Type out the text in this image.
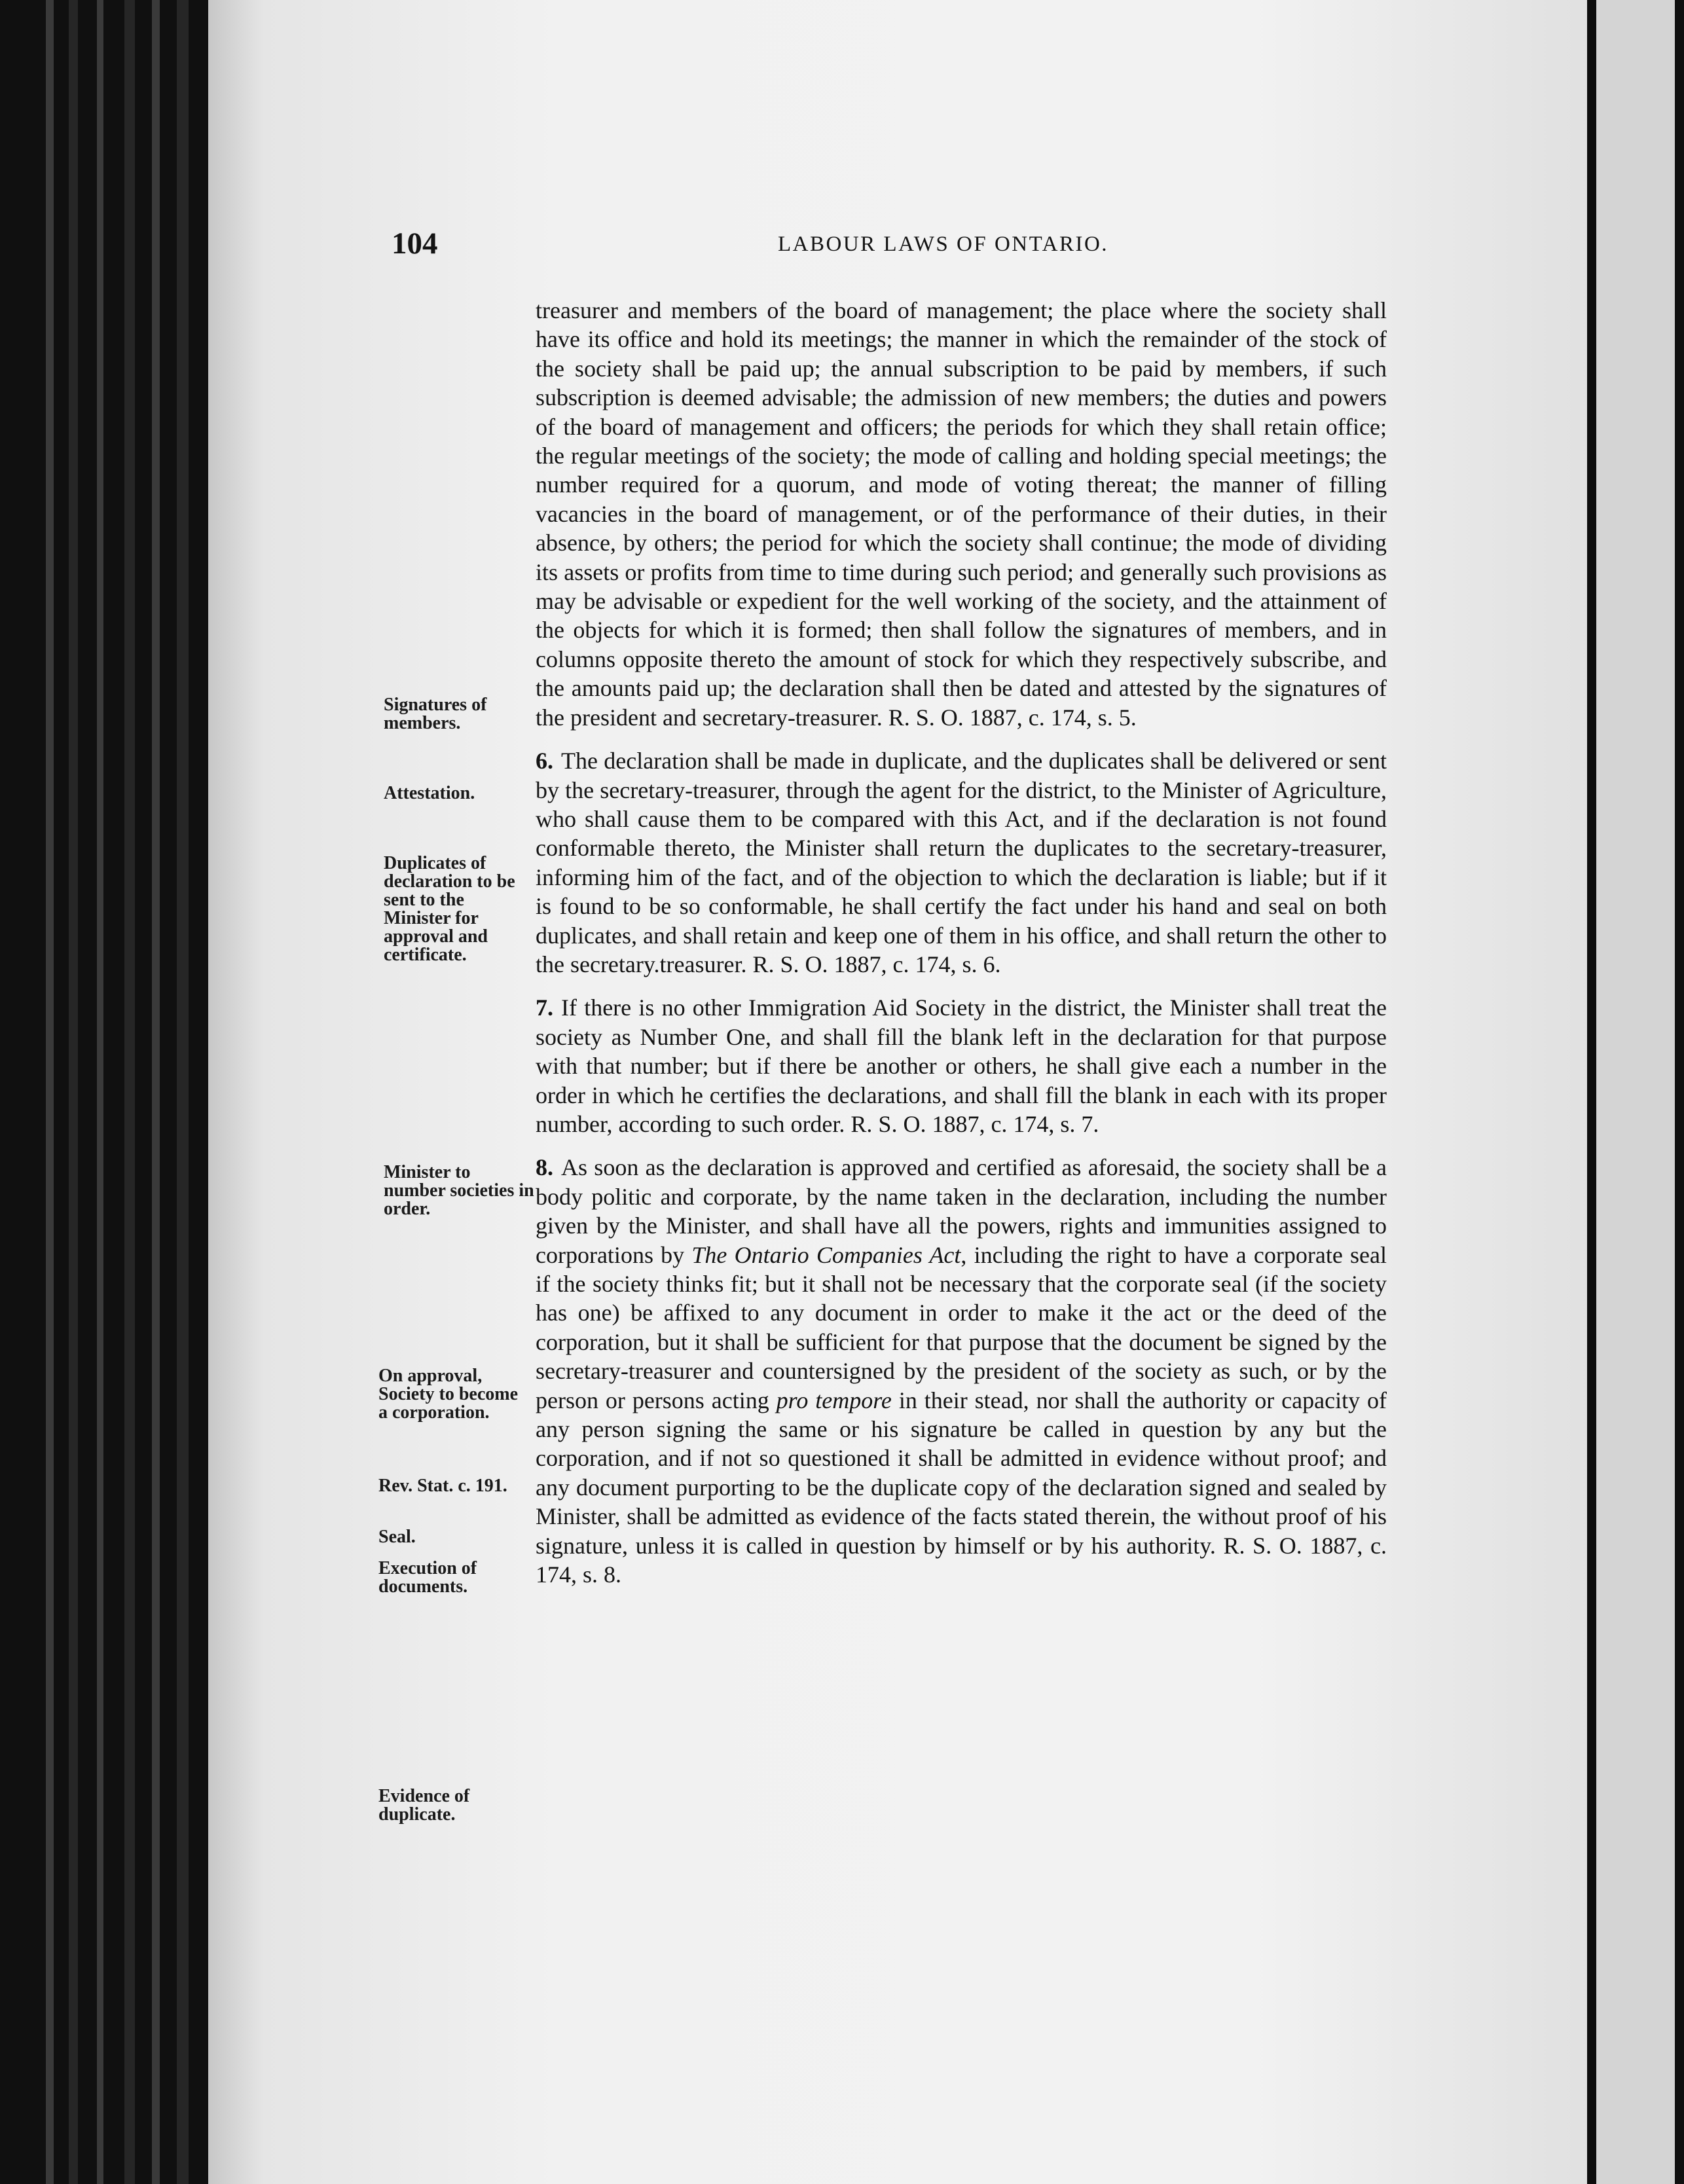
104	LABOUR LAWS OF ONTARIO.

treasurer and members of the board of management; the place where the society shall have its office and hold its meetings; the manner in which the remainder of the stock of the society shall be paid up; the annual subscription to be paid by members, if such subscription is deemed advisable; the admission of new members; the duties and powers of the board of management and officers; the periods for which they shall retain office; the regular meetings of the society; the mode of calling and holding special meetings; the number required for a quorum, and mode of voting thereat; the manner of filling vacancies in the board of management, or of the performance of their duties, in their absence, by others; the period for which the society shall continue; the mode of dividing its assets or profits from time to time during such period; and generally such provisions as may be advisable or expedient for the well working of the society, and the attainment of the objects for which it is formed; then shall follow the signatures of members, and in columns opposite thereto the amount of stock for which they respectively subscribe, and the amounts paid up; the declaration shall then be dated and attested by the signatures of the president and secretary-treasurer. R. S. O. 1887, c. 174, s. 5.

6. The declaration shall be made in duplicate, and the duplicates shall be delivered or sent by the secretary-treasurer, through the agent for the district, to the Minister of Agriculture, who shall cause them to be compared with this Act, and if the declaration is not found conformable thereto, the Minister shall return the duplicates to the secretary-treasurer, informing him of the fact, and of the objection to which the declaration is liable; but if it is found to be so conformable, he shall certify the fact under his hand and seal on both duplicates, and shall retain and keep one of them in his office, and shall return the other to the secretary.treasurer. R. S. O. 1887, c. 174, s. 6.

7. If there is no other Immigration Aid Society in the district, the Minister shall treat the society as Number One, and shall fill the blank left in the declaration for that purpose with that number; but if there be another or others, he shall give each a number in the order in which he certifies the declarations, and shall fill the blank in each with its proper number, according to such order. R. S. O. 1887, c. 174, s. 7.

8. As soon as the declaration is approved and certified as aforesaid, the society shall be a body politic and corporate, by the name taken in the declaration, including the number given by the Minister, and shall have all the powers, rights and immunities assigned to corporations by The Ontario Companies Act, including the right to have a corporate seal if the society thinks fit; but it shall not be necessary that the corporate seal (if the society has one) be affixed to any document in order to make it the act or the deed of the corporation, but it shall be sufficient for that purpose that the document be signed by the secretary-treasurer and countersigned by the president of the society as such, or by the person or persons acting pro tempore in their stead, nor shall the authority or capacity of any person signing the same or his signature be called in question by any but the corporation, and if not so questioned it shall be admitted in evidence without proof; and any document purporting to be the duplicate copy of the declaration signed and sealed by Minister, shall be admitted as evidence of the facts stated therein, the without proof of his signature, unless it is called in question by himself or by his authority. R. S. O. 1887, c. 174, s. 8.

Signatures of members.
Attestation.
Duplicates of declaration to be sent to the Minister for approval and certificate.
Minister to number societies in order.
On approval, Society to become a corporation.
Rev. Stat. c. 191.
Seal.
Execution of documents.
Evidence of duplicate.
